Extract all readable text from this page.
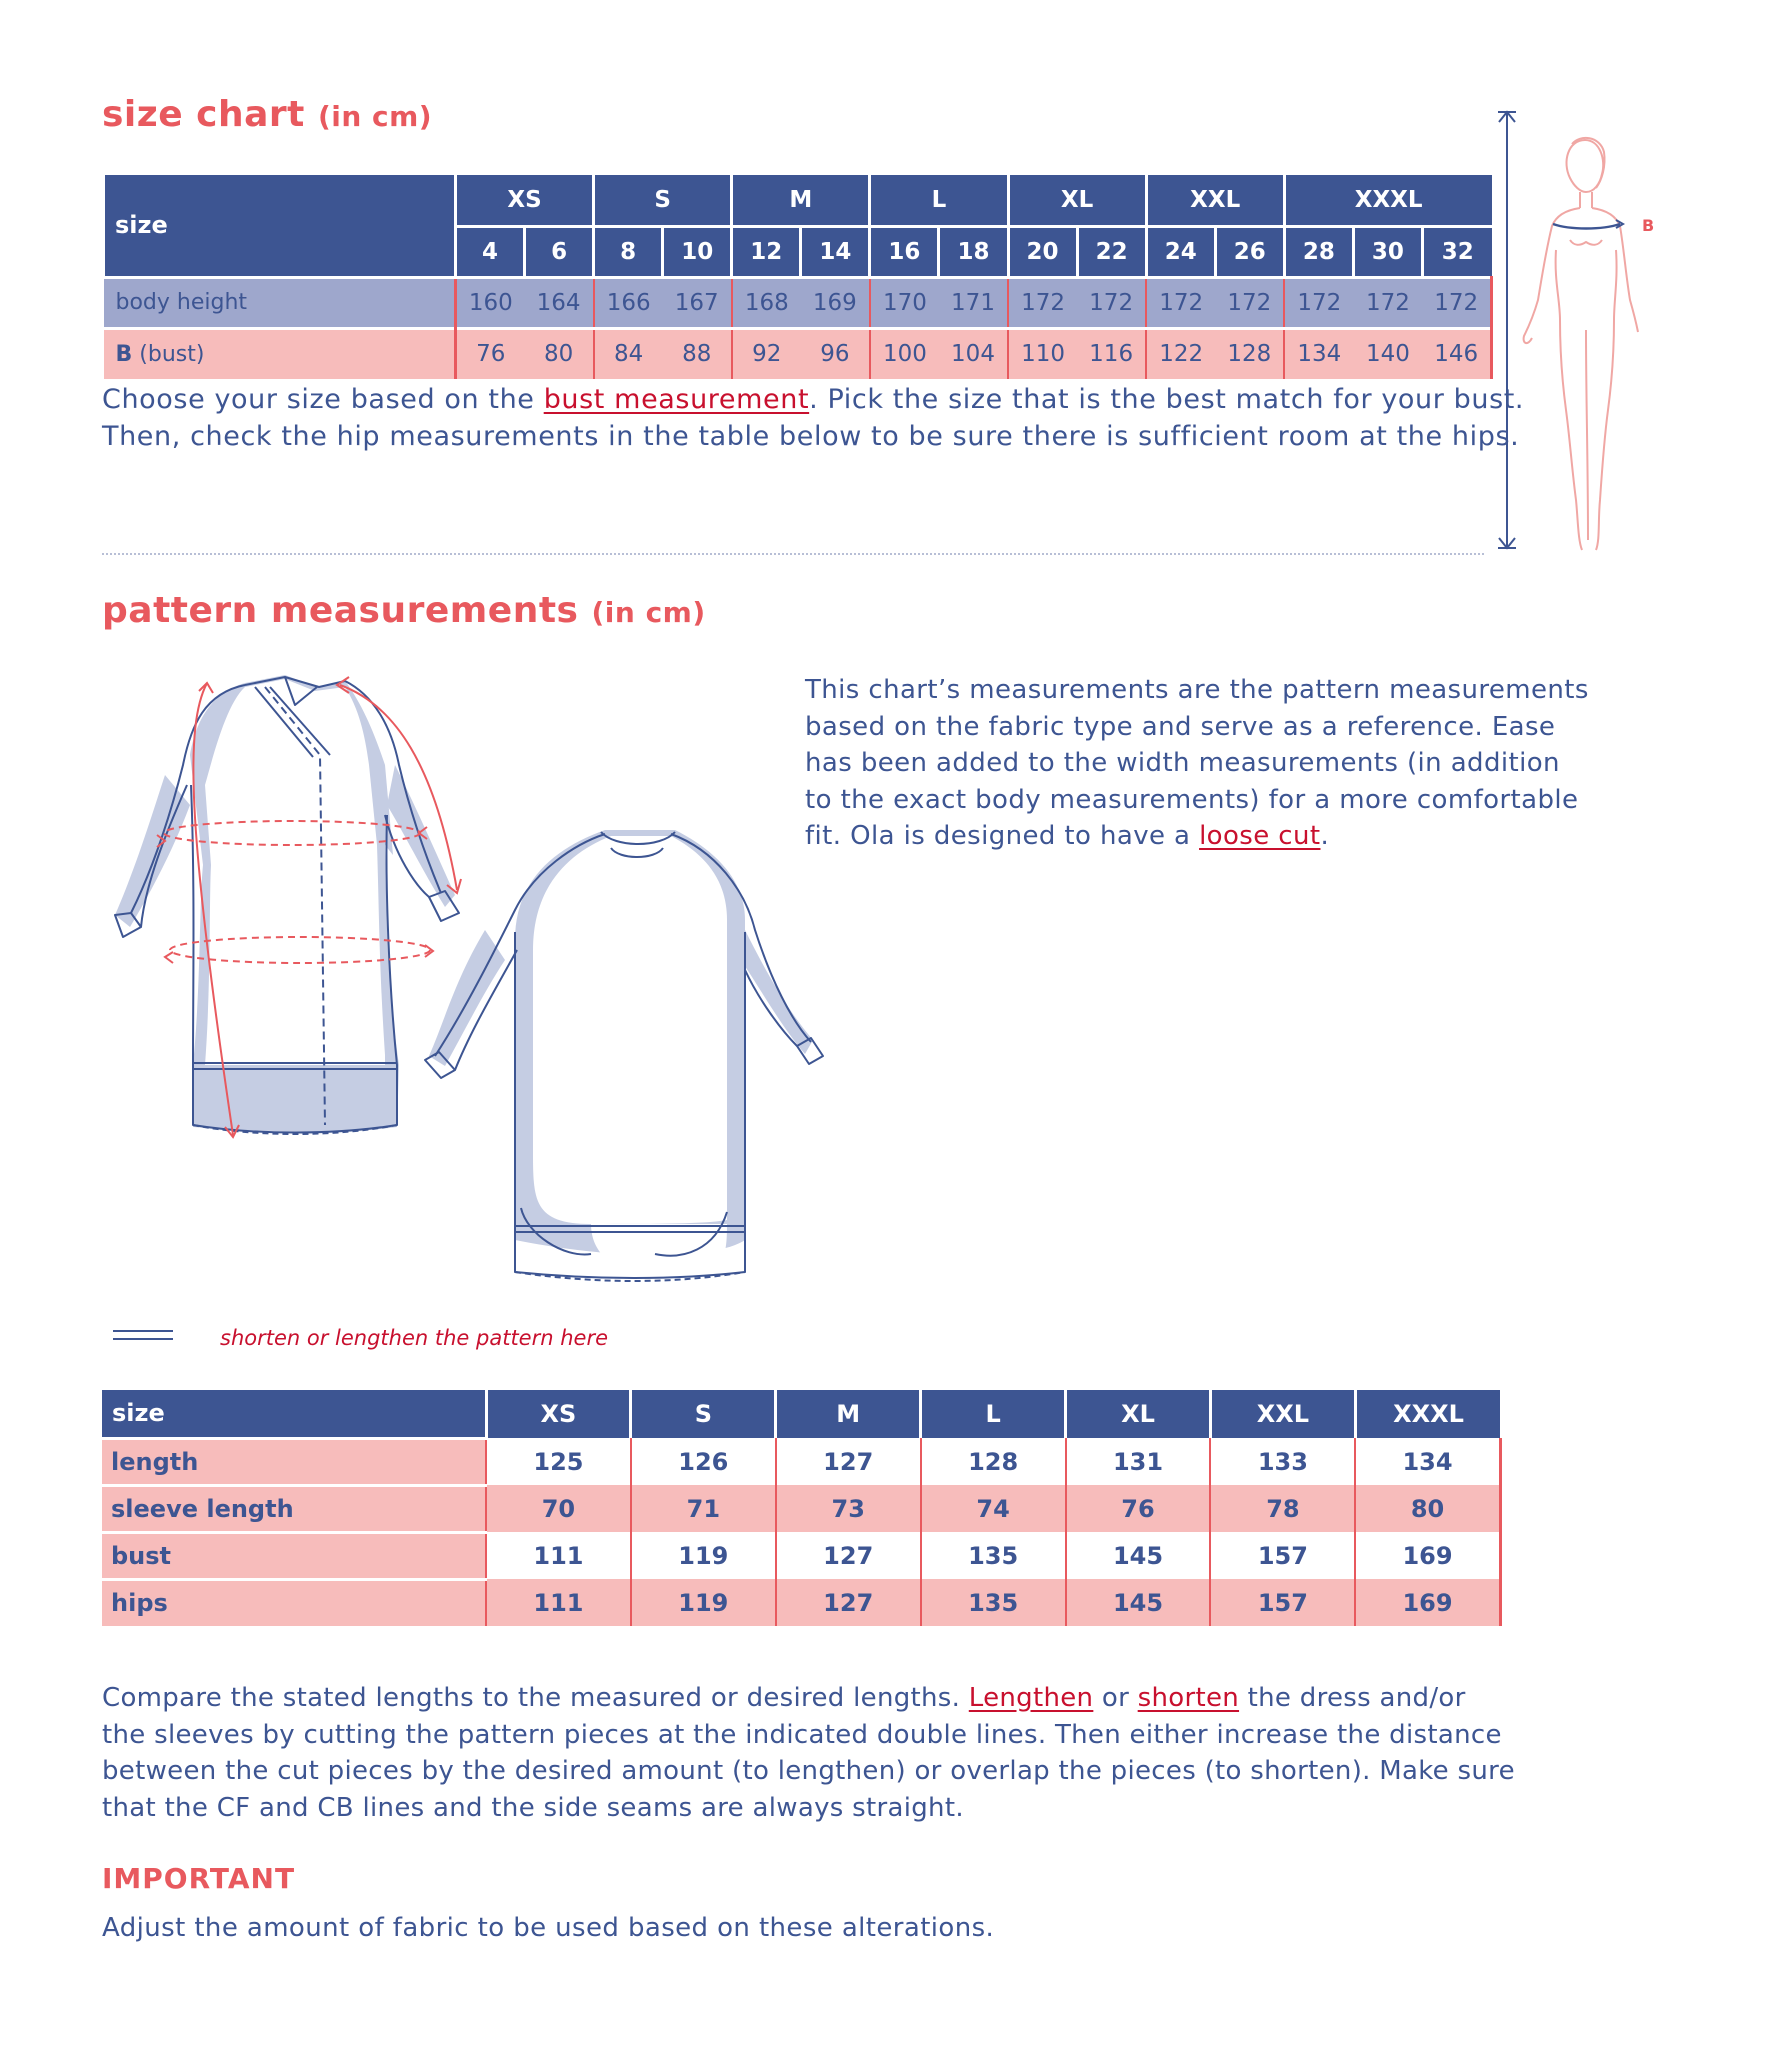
size chart (in cm)
size	XS		S		M		L		XL		XXL		XXXL		
	4	6	8	10	12	14	16	18	20	22	24	26	28	30	32
body height	160	164	166	167	168	169	170	171	172	172	172	172	172	172	172
B (bust)	76	80	84	88	92	96	100	104	110	116	122	128	134	140	146

Choose your size based on the bust measurement. Pick the size that is the best match for your bust.
Then, check the hip measurements in the table below to be sure there is sufficient room at the hips.

B
pattern measurements (in cm)

This chart’s measurements are the pattern measurements
based on the fabric type and serve as a reference. Ease
has been added to the width measurements (in addition
to the exact body measurements) for a more comfortable
fit. Ola is designed to have a loose cut.

shorten or lengthen the pattern here

size	XS	S	M	L	XL	XXL	XXXL
length	125	126	127	128	131	133	134
sleeve length	70	71	73	74	76	78	80
bust	111	119	127	135	145	157	169
hips	111	119	127	135	145	157	169

Compare the stated lengths to the measured or desired lengths. Lengthen or shorten the dress and/or
the sleeves by cutting the pattern pieces at the indicated double lines. Then either increase the distance
between the cut pieces by the desired amount (to lengthen) or overlap the pieces (to shorten). Make sure
that the CF and CB lines and the side seams are always straight.

IMPORTANT

Adjust the amount of fabric to be used based on these alterations.
